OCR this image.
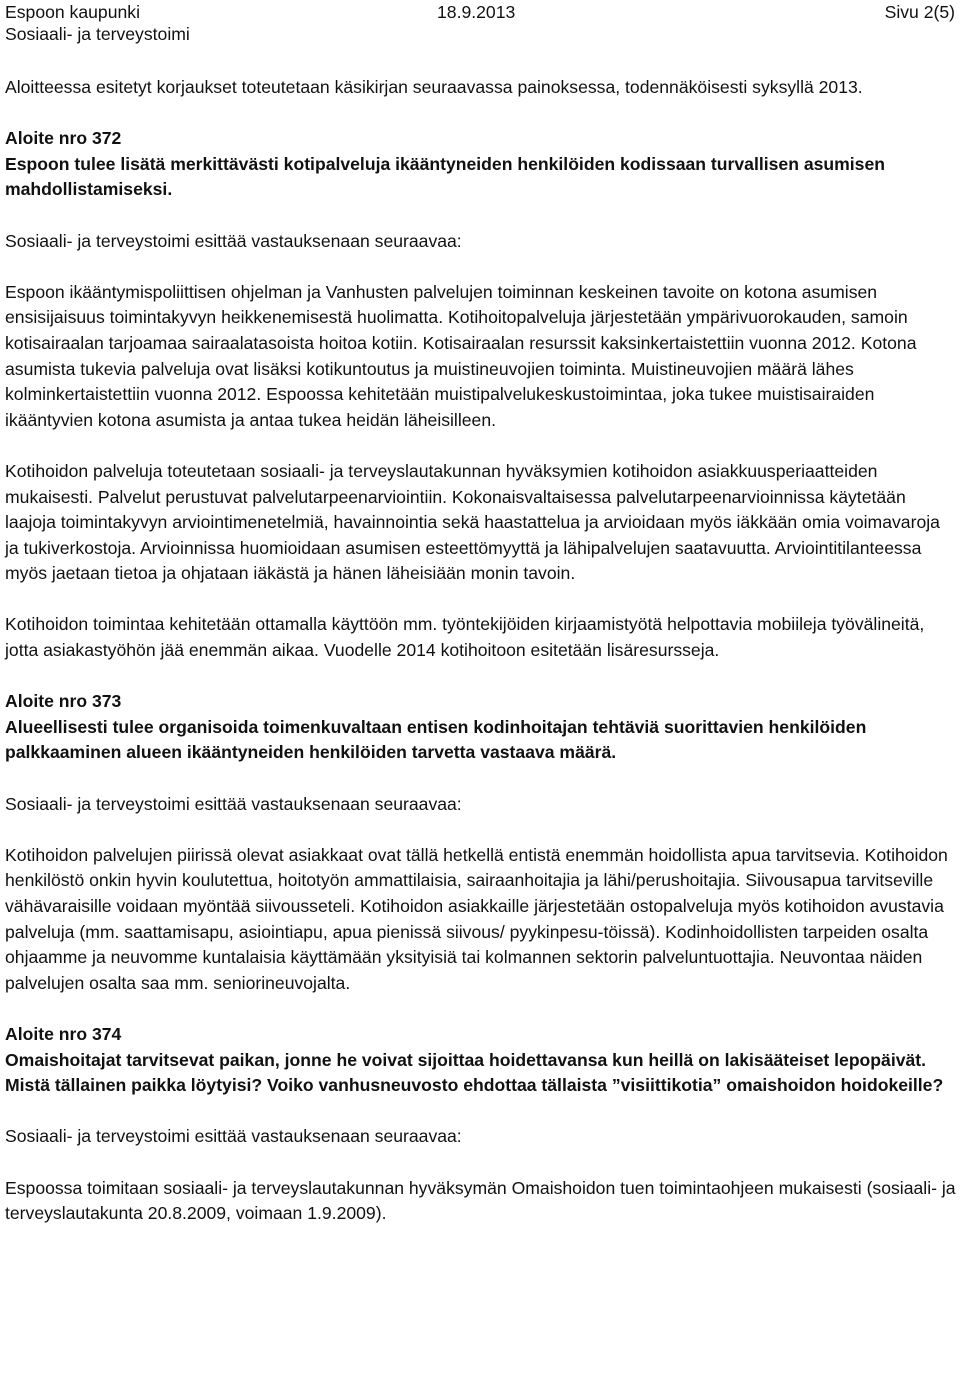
Espoon kaupunki	18.9.2013	Sivu 2(5)
Sosiaali- ja terveystoimi

Aloitteessa esitetyt korjaukset toteutetaan käsikirjan seuraavassa painoksessa, todennäköisesti syksyllä 2013.

Aloite nro 372

Espoon tulee lisätä merkittävästi kotipalveluja ikääntyneiden henkilöiden kodissaan turvallisen asumisen mahdollistamiseksi.

Sosiaali- ja terveystoimi esittää vastauksenaan seuraavaa:

Espoon ikääntymispoliittisen ohjelman ja Vanhusten palvelujen toiminnan keskeinen tavoite on kotona asumisen ensisijaisuus toimintakyvyn heikkenemisestä huolimatta. Kotihoitopalveluja järjestetään ympärivuorokauden, samoin kotisairaalan tarjoamaa sairaalatasoista hoitoa kotiin. Kotisairaalan resurssit kaksinkertaistettiin vuonna 2012. Kotona asumista tukevia palveluja ovat lisäksi kotikuntoutus ja muistineuvojien toiminta. Muistineuvojien määrä lähes kolminkertaistettiin vuonna 2012. Espoossa kehitetään muistipalvelukeskustoimintaa, joka tukee muistisairaiden ikääntyvien kotona asumista ja antaa tukea heidän läheisilleen.

Kotihoidon palveluja toteutetaan sosiaali- ja terveyslautakunnan hyväksymien kotihoidon asiakkuusperiaatteiden mukaisesti. Palvelut perustuvat palvelutarpeenarviointiin. Kokonaisvaltaisessa palvelutarpeenarvioinnissa käytetään laajoja toimintakyvyn arviointimenetelmiä, havainnointia sekä haastattelua ja arvioidaan myös iäkkään omia voimavaroja ja tukiverkostoja. Arvioinnissa huomioidaan asumisen esteettömyyttä ja lähipalvelujen saatavuutta. Arviointitilanteessa myös jaetaan tietoa ja ohjataan iäkästä ja hänen läheisiään monin tavoin.

Kotihoidon toimintaa kehitetään ottamalla käyttöön mm. työntekijöiden kirjaamistyötä helpottavia mobiileja työvälineitä, jotta asiakastyöhön jää enemmän aikaa. Vuodelle 2014 kotihoitoon esitetään lisäresursseja.

Aloite nro 373

Alueellisesti tulee organisoida toimenkuvaltaan entisen kodinhoitajan tehtäviä suorittavien henkilöiden palkkaaminen alueen ikääntyneiden henkilöiden tarvetta vastaava määrä.

Sosiaali- ja terveystoimi esittää vastauksenaan seuraavaa:

Kotihoidon palvelujen piirissä olevat asiakkaat ovat tällä hetkellä entistä enemmän hoidollista apua tarvitsevia. Kotihoidon henkilöstö onkin hyvin koulutettua, hoitotyön ammattilaisia, sairaanhoitajia ja lähi/perushoitajia. Siivousapua tarvitseville vähävaraisille voidaan myöntää siivousseteli. Kotihoidon asiakkaille järjestetään ostopalveluja myös kotihoidon avustavia palveluja (mm. saattamisapu, asiointiapu, apua pienissä siivous/ pyykinpesu-töissä). Kodinhoidollisten tarpeiden osalta ohjaamme ja neuvomme kuntalaisia käyttämään yksityisiä tai kolmannen sektorin palveluntuottajia. Neuvontaa näiden palvelujen osalta saa mm. seniorineuvojalta.

Aloite nro 374

Omaishoitajat tarvitsevat paikan, jonne he voivat sijoittaa hoidettavansa kun heillä on lakisääteiset lepopäivät. Mistä tällainen paikka löytyisi? Voiko vanhusneuvosto ehdottaa tällaista ”visiittikotia” omaishoidon hoidokeille?

Sosiaali- ja terveystoimi esittää vastauksenaan seuraavaa:

Espoossa toimitaan sosiaali- ja terveyslautakunnan hyväksymän Omaishoidon tuen toimintaohjeen mukaisesti (sosiaali- ja terveyslautakunta 20.8.2009, voimaan 1.9.2009).
